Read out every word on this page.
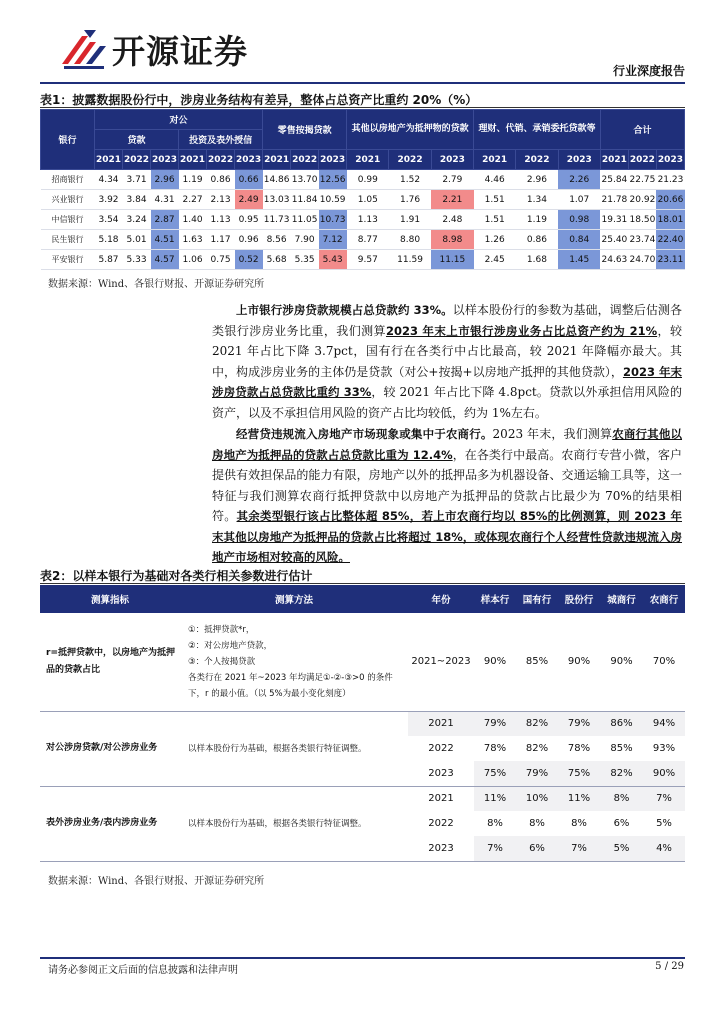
开源证券	行业深度报告
表1：披露数据股份行中，涉房业务结构有差异，整体占总资产比重约 20%（%）
银行	对公						零售按揭贷款			其他以房地产为抵押物的贷款			理财、代销、承销委托贷款等			合计		
	贷款			投资及表外授信														
	2021	2022	2023	2021	2022	2023	2021	2022	2023	2021	2022	2023	2021	2022	2023	2021	2022	2023
招商银行	4.34	3.71	2.96	1.19	0.86	0.66	14.86	13.70	12.56	0.99	1.52	2.79	4.46	2.96	2.26	25.84	22.75	21.23
兴业银行	3.92	3.84	4.31	2.27	2.13	2.49	13.03	11.84	10.59	1.05	1.76	2.21	1.51	1.34	1.07	21.78	20.92	20.66
中信银行	3.54	3.24	2.87	1.40	1.13	0.95	11.73	11.05	10.73	1.13	1.91	2.48	1.51	1.19	0.98	19.31	18.50	18.01
民生银行	5.18	5.01	4.51	1.63	1.17	0.96	8.56	7.90	7.12	8.77	8.80	8.98	1.26	0.86	0.84	25.40	23.74	22.40
平安银行	5.87	5.33	4.57	1.06	0.75	0.52	5.68	5.35	5.43	9.57	11.59	11.15	2.45	1.68	1.45	24.63	24.70	23.11
数据来源：Wind、各银行财报、开源证券研究所
上市银行涉房贷款规模占总贷款约 33%。以样本股份行的参数为基础，调整后估测各类银行涉房业务比重，我们测算2023 年末上市银行涉房业务占比总资产约为 21%，较 2021 年占比下降 3.7pct，国有行在各类行中占比最高，较 2021 年降幅亦最大。其中，构成涉房业务的主体仍是贷款（对公+按揭+以房地产抵押的其他贷款），2023 年末涉房贷款占总贷款比重约 33%，较 2021 年占比下降 4.8pct。贷款以外承担信用风险的资产，以及不承担信用风险的资产占比均较低，约为 1%左右。
经营贷违规流入房地产市场现象或集中于农商行。2023 年末，我们测算农商行其他以房地产为抵押品的贷款占总贷款比重为 12.4%，在各类行中最高。农商行专营小微，客户提供有效担保品的能力有限，房地产以外的抵押品多为机器设备、交通运输工具等，这一特征与我们测算农商行抵押贷款中以房地产为抵押品的贷款占比最少为 70%的结果相符。其余类型银行该占比整体超 85%，若上市农商行均以 85%的比例测算，则 2023 年末其他以房地产为抵押品的贷款占比将超过 18%，或体现农商行个人经营性贷款违规流入房地产市场相对较高的风险。
表2：以样本银行为基础对各类行相关参数进行估计
测算指标	测算方法	年份	样本行	国有行	股份行	城商行	农商行
r=抵押贷款中，以房地产为抵押品的贷款占比	①：抵押贷款*r，
②：对公房地产贷款，
③：个人按揭贷款
各类行在 2021 年~2023 年均满足①-②-③>0 的条件下，r 的最小值。（以 5%为最小变化刻度）	2021~2023	90%	85%	90%	90%	70%
对公涉房贷款/对公涉房业务	以样本股份行为基础，根据各类银行特征调整。	2021	79%	82%	79%	86%	94%
		2022	78%	82%	78%	85%	93%
		2023	75%	79%	75%	82%	90%
表外涉房业务/表内涉房业务	以样本股份行为基础，根据各类银行特征调整。	2021	11%	10%	11%	8%	7%
		2022	8%	8%	8%	6%	5%
		2023	7%	6%	7%	5%	4%
数据来源：Wind、各银行财报、开源证券研究所
请务必参阅正文后面的信息披露和法律声明	5 / 29
